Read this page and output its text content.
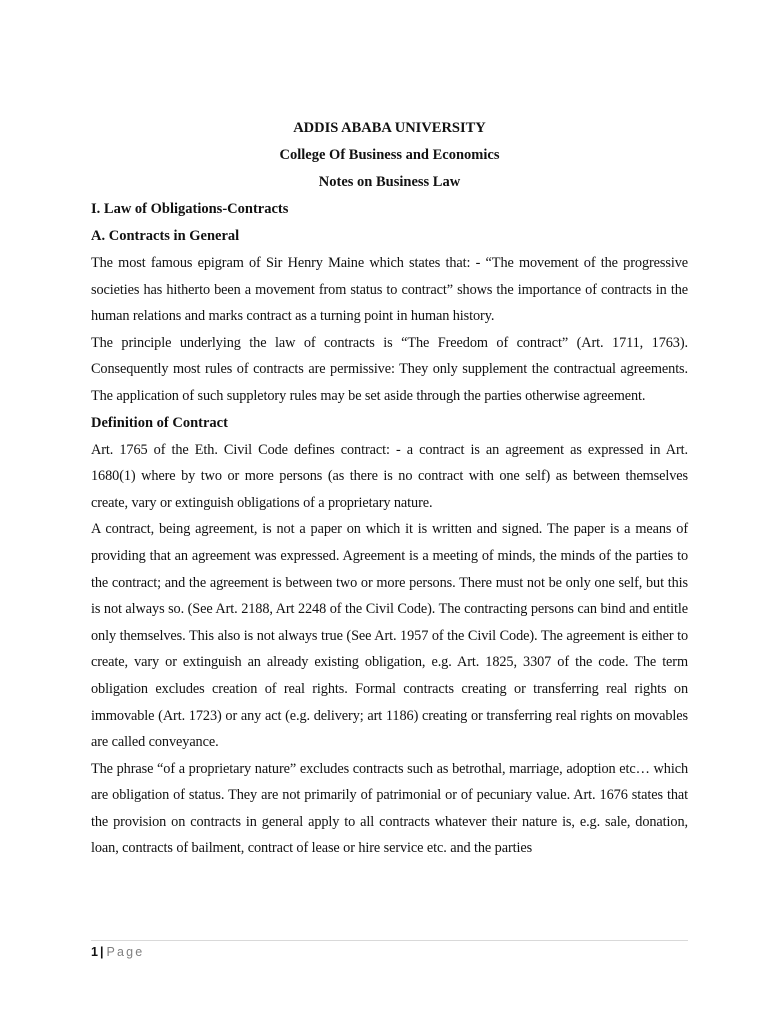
ADDIS ABABA UNIVERSITY

College Of Business and Economics

Notes on Business Law

I. Law of Obligations-Contracts

A. Contracts in General

The most famous epigram of Sir Henry Maine which states that: - “The movement of the progressive societies has hitherto been a movement from status to contract” shows the importance of contracts in the human relations and marks contract as a turning point in human history.

The principle underlying the law of contracts is “The Freedom of contract” (Art. 1711, 1763). Consequently most rules of contracts are permissive: They only supplement the contractual agreements. The application of such suppletory rules may be set aside through the parties otherwise agreement.

Definition of Contract

Art. 1765 of the Eth. Civil Code defines contract: - a contract is an agreement as expressed in Art. 1680(1) where by two or more persons (as there is no contract with one self) as between themselves create, vary or extinguish obligations of a proprietary nature.

A contract, being agreement, is not a paper on which it is written and signed. The paper is a means of providing that an agreement was expressed. Agreement is a meeting of minds, the minds of the parties to the contract; and the agreement is between two or more persons. There must not be only one self, but this is not always so. (See Art. 2188, Art 2248 of the Civil Code). The contracting persons can bind and entitle only themselves. This also is not always true (See Art. 1957 of the Civil Code). The agreement is either to create, vary or extinguish an already existing obligation, e.g. Art. 1825, 3307 of the code. The term obligation excludes creation of real rights. Formal contracts creating or transferring real rights on immovable (Art. 1723) or any act (e.g. delivery; art 1186) creating or transferring real rights on movables are called conveyance.

The phrase “of a proprietary nature” excludes contracts such as betrothal, marriage, adoption etc… which are obligation of status. They are not primarily of patrimonial or of pecuniary value. Art. 1676 states that the provision on contracts in general apply to all contracts whatever their nature is, e.g. sale, donation, loan, contracts of bailment, contract of lease or hire service etc. and the parties

1 | Page
